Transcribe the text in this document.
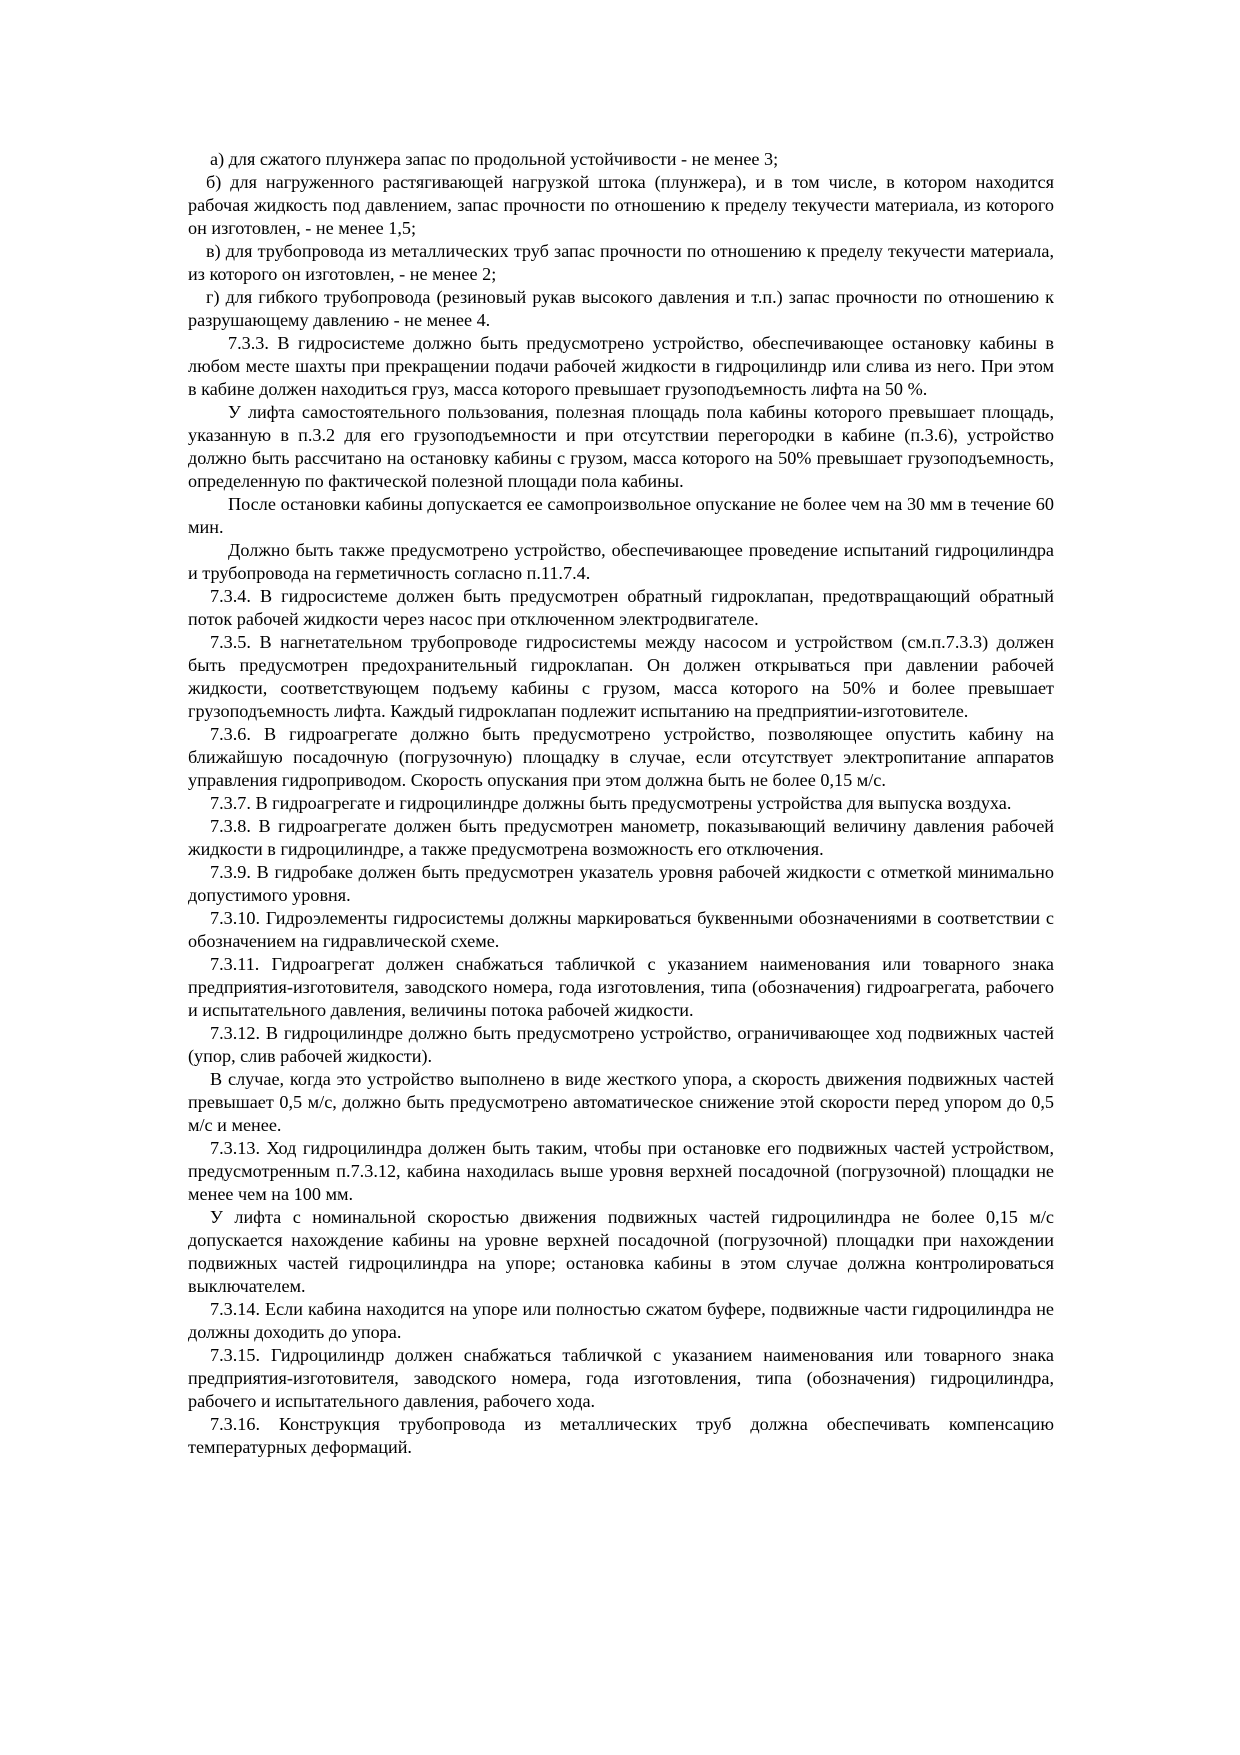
а) для сжатого плунжера запас по продольной устойчивости - не менее 3;

б) для нагруженного растягивающей нагрузкой штока (плунжера), и в том числе, в котором находится рабочая жидкость под давлением, запас прочности по отношению к пределу текучести материала, из которого он изготовлен, - не менее 1,5;

в) для трубопровода из металлических труб запас прочности по отношению к пределу текучести материала, из которого он изготовлен, - не менее 2;

г) для гибкого трубопровода (резиновый рукав высокого давления и т.п.) запас прочности по отношению к разрушающему давлению - не менее 4.

7.3.3. В гидросистеме должно быть предусмотрено устройство, обеспечивающее остановку кабины в любом месте шахты при прекращении подачи рабочей жидкости в гидроцилиндр или слива из него. При этом в кабине должен находиться груз, масса которого превышает грузоподъемность лифта на 50 %.

У лифта самостоятельного пользования, полезная площадь пола кабины которого превышает площадь, указанную в п.3.2 для его грузоподъемности и при отсутствии перегородки в кабине (п.3.6), устройство должно быть рассчитано на остановку кабины с грузом, масса которого на 50% превышает грузоподъемность, определенную по фактической полезной площади пола кабины.

После остановки кабины допускается ее самопроизвольное опускание не более чем на 30 мм в течение 60 мин.

Должно быть также предусмотрено устройство, обеспечивающее проведение испытаний гидроцилиндра и трубопровода на герметичность согласно п.11.7.4.

7.3.4. В гидросистеме должен быть предусмотрен обратный гидроклапан, предотвращающий обратный поток рабочей жидкости через насос при отключенном электродвигателе.

7.3.5. В нагнетательном трубопроводе гидросистемы между насосом и устройством (см.п.7.3.3) должен быть предусмотрен предохранительный гидроклапан. Он должен открываться при давлении рабочей жидкости, соответствующем подъему кабины с грузом, масса которого на 50% и более превышает грузоподъемность лифта. Каждый гидроклапан подлежит испытанию на предприятии-изготовителе.

7.3.6. В гидроагрегате должно быть предусмотрено устройство, позволяющее опустить кабину на ближайшую посадочную (погрузочную) площадку в случае, если отсутствует электропитание аппаратов управления гидроприводом. Скорость опускания при этом должна быть не более 0,15 м/с.

7.3.7. В гидроагрегате и гидроцилиндре должны быть предусмотрены устройства для выпуска воздуха.

7.3.8. В гидроагрегате должен быть предусмотрен манометр, показывающий величину давления рабочей жидкости в гидроцилиндре, а также предусмотрена возможность его отключения.

7.3.9. В гидробаке должен быть предусмотрен указатель уровня рабочей жидкости с отметкой минимально допустимого уровня.

7.3.10. Гидроэлементы гидросистемы должны маркироваться буквенными обозначениями в соответствии с обозначением на гидравлической схеме.

7.3.11. Гидроагрегат должен снабжаться табличкой с указанием наименования или товарного знака предприятия-изготовителя, заводского номера, года изготовления, типа (обозначения) гидроагрегата, рабочего и испытательного давления, величины потока рабочей жидкости.

7.3.12. В гидроцилиндре должно быть предусмотрено устройство, ограничивающее ход подвижных частей (упор, слив рабочей жидкости).

В случае, когда это устройство выполнено в виде жесткого упора, а скорость движения подвижных частей превышает 0,5 м/с, должно быть предусмотрено автоматическое снижение этой скорости перед упором до 0,5 м/с и менее.

7.3.13. Ход гидроцилиндра должен быть таким, чтобы при остановке его подвижных частей устройством, предусмотренным п.7.3.12, кабина находилась выше уровня верхней посадочной (погрузочной) площадки не менее чем на 100 мм.

У лифта с номинальной скоростью движения подвижных частей гидроцилиндра не более 0,15 м/с допускается нахождение кабины на уровне верхней посадочной (погрузочной) площадки при нахождении подвижных частей гидроцилиндра на упоре; остановка кабины в этом случае должна контролироваться выключателем.

7.3.14. Если кабина находится на упоре или полностью сжатом буфере, подвижные части гидроцилиндра не должны доходить до упора.

7.3.15. Гидроцилиндр должен снабжаться табличкой с указанием наименования или товарного знака предприятия-изготовителя, заводского номера, года изготовления, типа (обозначения) гидроцилиндра, рабочего и испытательного давления, рабочего хода.

7.3.16. Конструкция трубопровода из металлических труб должна обеспечивать компенсацию температурных деформаций.
